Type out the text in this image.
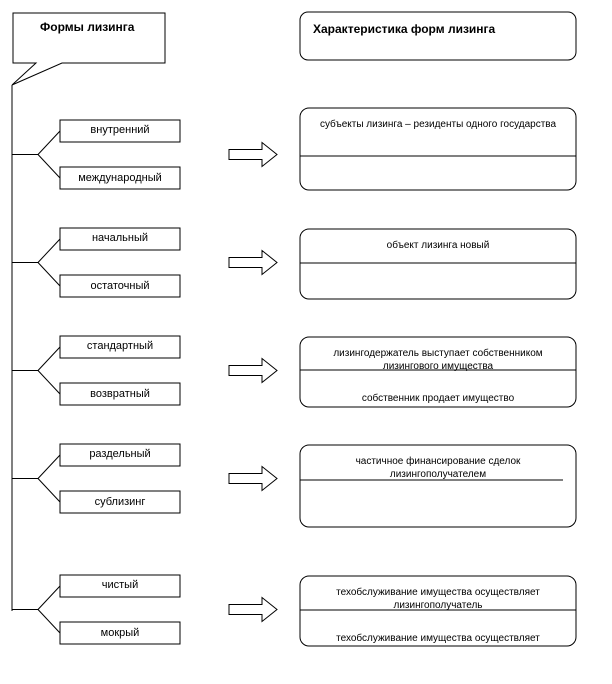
Формы лизинга	Характеристика форм лизинга
внутренний
международный
субъекты лизинга – резиденты одного государства
начальный
остаточный
объект лизинга новый
стандартный
возвратный
лизингодержатель выступает собственником лизингового имущества
раздельный
сублизинг
частичное финансирование сделок лизингополучателем
чистый
мокрый
техобслуживание имущества осуществляет лизингополучатель
